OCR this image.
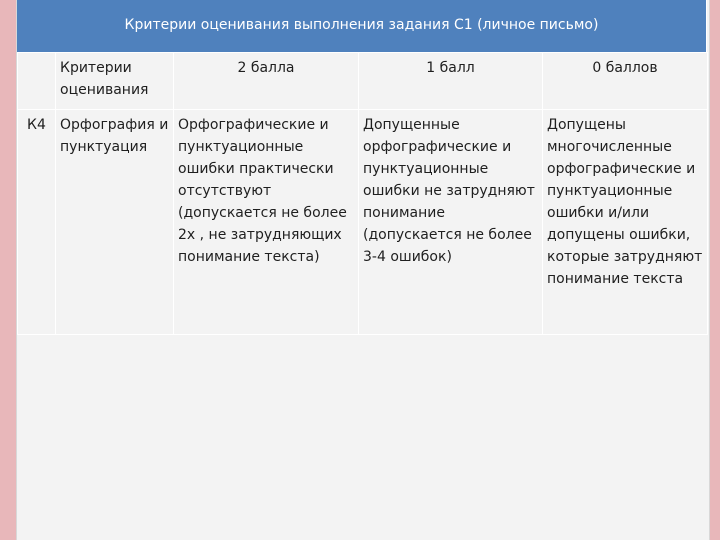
Критерии оценивания выполнения задания С1 (личное письмо)
	Критерии оценивания	2 балла	1 балл	0 баллов
К4	Орфография и пунктуация	Орфографические и пунктуационные ошибки практически отсутствуют (допускается не более 2х , не затрудняющих понимание текста)	Допущенные орфографические и пунктуационные ошибки не затрудняют понимание (допускается не более 3-4 ошибок)	Допущены многочисленные орфографические и пунктуационные ошибки и/или допущены ошибки, которые затрудняют понимание текста
